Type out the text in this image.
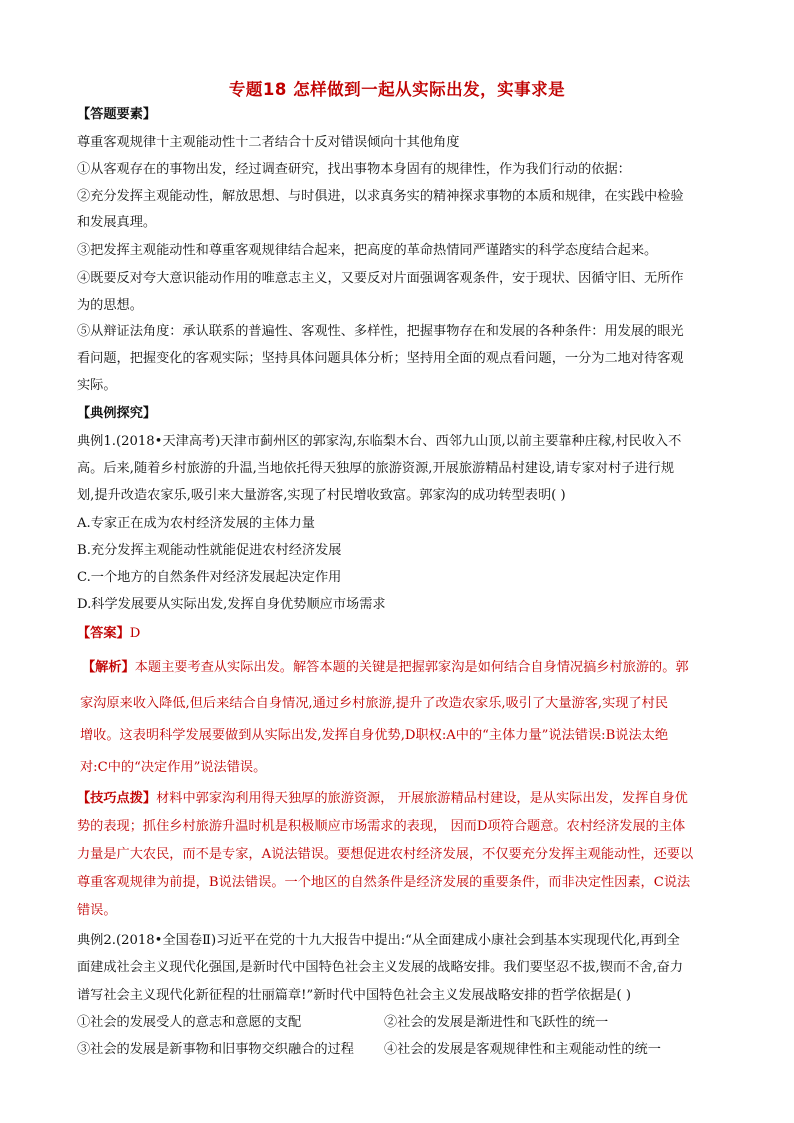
专题18 怎样做到一起从实际出发，实事求是
【答题要素】
尊重客观规律十主观能动性十二者结合十反对错误倾向十其他角度
①从客观存在的事物出发，经过调查研究，找出事物本身固有的规律性，作为我们行动的依据：
②充分发挥主观能动性，解放思想、与时俱进，以求真务实的精神探求事物的本质和规律，在实践中检验
和发展真理。
③把发挥主观能动性和尊重客观规律结合起来，把高度的革命热情同严谨踏实的科学态度结合起来。
④既要反对夸大意识能动作用的唯意志主义，又要反对片面强调客观条件，安于现状、因循守旧、无所作
为的思想。
⑤从辩证法角度：承认联系的普遍性、客观性、多样性，把握事物存在和发展的各种条件：用发展的眼光
看问题，把握变化的客观实际；坚持具体问题具体分析；坚持用全面的观点看问题，一分为二地对待客观
实际。
【典例探究】
典例1.(2018•天津高考)天津市蓟州区的郭家沟,东临梨木台、西邻九山顶,以前主要靠种庄稼,村民收入不
高。后来,随着乡村旅游的升温,当地依托得天独厚的旅游资源,开展旅游精品村建设,请专家对村子进行规
划,提升改造农家乐,吸引来大量游客,实现了村民增收致富。郭家沟的成功转型表明( )
A.专家正在成为农村经济发展的主体力量
B.充分发挥主观能动性就能促进农村经济发展
C.一个地方的自然条件对经济发展起决定作用
D.科学发展要从实际出发,发挥自身优势顺应市场需求
【答案】D
【解析】本题主要考查从实际出发。解答本题的关键是把握郭家沟是如何结合自身情况搞乡村旅游的。郭
家沟原来收入降低,但后来结合自身情况,通过乡村旅游,提升了改造农家乐,吸引了大量游客,实现了村民
增收。这表明科学发展要做到从实际出发,发挥自身优势,D职权:A中的“主体力量”说法错误:B说法太绝
对:C中的“决定作用”说法错误。
【技巧点拨】材料中郭家沟利用得天独厚的旅游资源， 开展旅游精品村建设，是从实际出发，发挥自身优
势的表现；抓住乡村旅游升温时机是积极顺应市场需求的表现， 因而D项符合题意。农村经济发展的主体
力量是广大农民，而不是专家，A说法错误。要想促进农村经济发展，不仅要充分发挥主观能动性，还要以
尊重客观规律为前提，B说法错误。一个地区的自然条件是经济发展的重要条件，而非决定性因素，C说法
错误。
典例2.(2018•全国卷Ⅱ)习近平在党的十九大报告中提出:“从全面建成小康社会到基本实现现代化,再到全
面建成社会主义现代化强国,是新时代中国特色社会主义发展的战略安排。我们要坚忍不拔,锲而不舍,奋力
谱写社会主义现代化新征程的壮丽篇章!”新时代中国特色社会主义发展战略安排的哲学依据是( )
①社会的发展受人的意志和意愿的支配	②社会的发展是渐进性和飞跃性的统一
③社会的发展是新事物和旧事物交织融合的过程 ④社会的发展是客观规律性和主观能动性的统一
